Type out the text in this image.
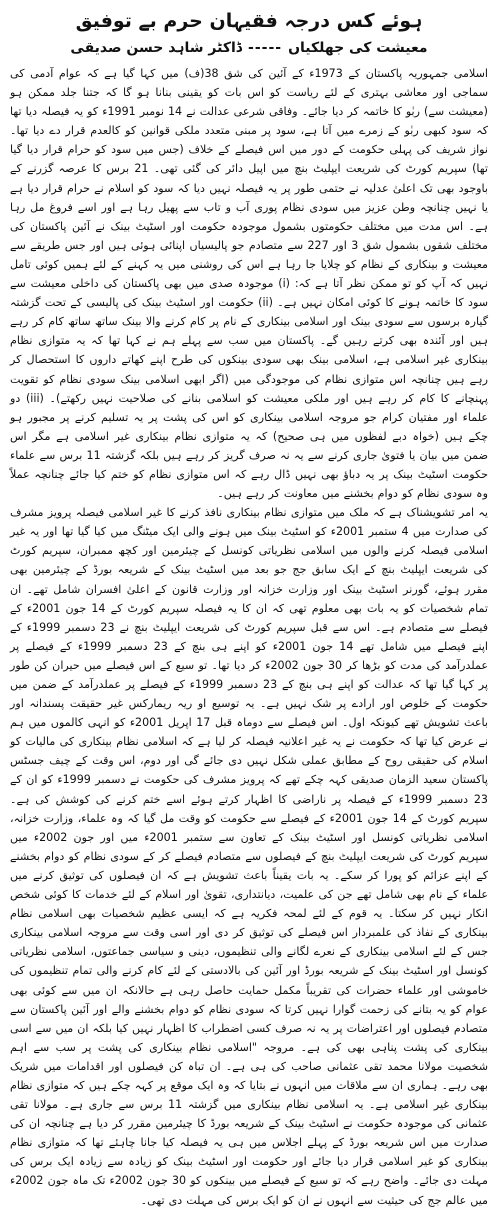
ہوئے کس درجہ فقیہان حرم بے توفیق
معیشت کی جھلکیاں
-----
ڈاکٹر شاہد حسن صدیقی

اسلامی جمہوریہ پاکستان کے 1973ء کے آئین کی شق 38(ف) میں کہا گیا ہے کہ عوام آدمی کی سماجی اور معاشی بہتری کے لئے ریاست کو اس بات کو یقینی بنانا ہو گا کہ جتنا جلد ممکن ہو (معیشت سے) ربٰو کا خاتمہ کر دیا جائے۔ وفاقی شرعی عدالت نے 14 نومبر 1991ء کو یہ فیصلہ دیا تھا کہ سود کبھی ربٰو کے زمرے میں آتا ہے، سود پر مبنی متعدد ملکی قوانین کو کالعدم قرار دے دیا تھا۔ نواز شریف کی پہلی حکومت کے دور میں اس فیصلے کے خلاف (جس میں سود کو حرام قرار دیا گیا تھا) سپریم کورٹ کی شریعت ایپلیٹ بنچ میں اپیل دائر کی گئی تھی۔ 21 برس کا عرصہ گزرنے کے باوجود بھی تک اعلیٰ عدلیہ نے حتمی طور پر یہ فیصلہ نہیں دیا کہ سود کو اسلام نے حرام قرار دیا ہے یا نہیں چنانچہ وطن عزیز میں سودی نظام پوری آب و تاب سے پھیل رہا ہے اور اسے فروغ مل رہا ہے۔ اس مدت میں مختلف حکومتوں بشمول موجودہ حکومت اور اسٹیٹ بینک نے آئین پاکستان کی مختلف شقوں بشمول شق 3 اور 227 سے متصادم جو پالیسیاں اپنائی ہوئی ہیں اور جس طریقے سے معیشت و بینکاری کے نظام کو چلایا جا رہا ہے اس کی روشنی میں یہ کہنے کے لئے ہمیں کوئی تامل نہیں کہ آپ کو تو ممکن نظر آتا ہے کہ: (i) موجودہ صدی میں بھی پاکستان کی داخلی معیشت سے سود کا خاتمہ ہونے کا کوئی امکان نہیں ہے۔ (ii) حکومت اور اسٹیٹ بینک کی پالیسی کے تحت گزشتہ گیارہ برسوں سے سودی بینک اور اسلامی بینکاری کے نام پر کام کرنے والا بینک ساتھ ساتھ کام کر رہے ہیں اور آئندہ بھی کرتے رہیں گے۔ پاکستان میں سب سے پہلے ہم نے کہا تھا کہ یہ متوازی نظام بینکاری غیر اسلامی ہے، اسلامی بینک بھی سودی بینکوں کی طرح اپنے کھاتے داروں کا استحصال کر رہے ہیں چنانچہ اس متوازی نظام کی موجودگی میں (اگر ابھی اسلامی بینک سودی نظام کو تقویت پہنچانے کا کام کر رہے ہیں اور ملکی معیشت کو اسلامی بنانے کی صلاحیت نہیں رکھتے)۔ (iii) دو علماء اور مفتیان کرام جو مروجہ اسلامی بینکاری کو اس کی پشت پر یہ تسلیم کرنے پر مجبور ہو چکے ہیں (خواہ دبے لفظوں میں ہی صحیح) کہ یہ متوازی نظام بینکاری غیر اسلامی ہے مگر اس ضمن میں بیان یا فتویٰ جاری کرنے سے یہ نہ صرف گریز کر رہے ہیں بلکہ گزشتہ 11 برس سے علماء حکومت اسٹیٹ بینک پر یہ دباؤ بھی نہیں ڈال رہے کہ اس متوازی نظام کو ختم کیا جائے چنانچہ عملاً وہ سودی نظام کو دوام بخشنے میں معاونت کر رہے ہیں۔

یہ امر تشویشناک ہے کہ ملک میں متوازی نظام بینکاری نافذ کرنے کا غیر اسلامی فیصلہ پرویز مشرف کی صدارت میں 4 ستمبر 2001ء کو اسٹیٹ بینک میں ہونے والی ایک میٹنگ میں کیا گیا تھا اور یہ غیر اسلامی فیصلہ کرنے والوں میں اسلامی نظریاتی کونسل کے چیئرمین اور کچھ ممبران، سپریم کورٹ کی شریعت ایپلیٹ بنچ کے ایک سابق جج جو بعد میں اسٹیٹ بینک کے شریعہ بورڈ کے چیئرمین بھی مقرر ہوئے، گورنر اسٹیٹ بینک اور وزارت خزانہ اور وزارت قانون کے اعلیٰ افسران شامل تھے۔ ان تمام شخصیات کو یہ بات بھی معلوم تھی کہ ان کا یہ فیصلہ سپریم کورٹ کے 14 جون 2001ء کے فیصلے سے متصادم ہے۔ اس سے قبل سپریم کورٹ کی شریعت ایپلیٹ بنچ نے 23 دسمبر 1999ء کے اپنے فیصلے میں شامل تھے 14 جون 2001ء کو اپنے ہی بنچ کے 23 دسمبر 1999ء کے فیصلے پر عملدرآمد کی مدت کو بڑھا کر 30 جون 2002ء کر دیا تھا۔ تو سیع کے اس فیصلے میں حیران کن طور پر کہا گیا تھا کہ عدالت کو اپنے ہی بنچ کے 23 دسمبر 1999ء کے فیصلے پر عملدرآمد کے ضمن میں حکومت کے خلوص اور ارادے پر شک نہیں ہے۔ یہ توسیع او ریہ ریمارکس غیر حقیقت پسندانہ اور باعث تشویش تھے کیونکہ اول۔ اس فیصلے سے دوماہ قبل 17 اپریل 2001ء کو انہی کالموں میں ہم نے عرض کیا تھا کہ حکومت نے یہ غیر اعلانیہ فیصلہ کر لیا ہے کہ اسلامی نظام بینکاری کی مالیات کو اسلام کی حقیقی روح کے مطابق عملی شکل نہیں دی جائے گی اور دوم، اس وقت کے چیف جسٹس پاکستان سعید الزمان صدیقی کہہ چکے تھے کہ پرویز مشرف کی حکومت نے دسمبر 1999ء کو ان کے 23 دسمبر 1999ء کے فیصلہ پر ناراضی کا اظہار کرتے ہوئے اسے ختم کرنے کی کوشش کی ہے۔ سپریم کورٹ کے 14 جون 2001ء کے فیصلے سے حکومت کو وقت مل گیا کہ وہ علماء، وزارت خزانہ، اسلامی نظریاتی کونسل اور اسٹیٹ بینک کے تعاون سے ستمبر 2001ء میں اور جون 2002ء میں سپریم کورٹ کی شریعت ایپلیٹ بنچ کے فیصلوں سے متصادم فیصلے کر کے سودی نظام کو دوام بخشنے کے اپنے عزائم کو پورا کر سکے۔ یہ بات یقیناً باعث تشویش ہے کہ ان فیصلوں کی توثیق کرنے میں علماء کے نام بھی شامل تھے جن کی علمیت، دیانتداری، تقویٰ اور اسلام کے لئے خدمات کا کوئی شخص انکار نہیں کر سکتا۔ یہ قوم کے لئے لمحہ فکریہ ہے کہ ایسی عظیم شخصیات بھی اسلامی نظام بینکاری کے نفاذ کی علمبردار اس فیصلے کی توثیق کر دی اور اسی وقت سے مروجہ اسلامی بینکاری جس کے لئے اسلامی بینکاری کے نعرے لگانے والی تنظیموں، دینی و سیاسی جماعتوں، اسلامی نظریاتی کونسل اور اسٹیٹ بینک کے شریعہ بورڈ اور آئین کی بالادستی کے لئے کام کرنے والی تمام تنظیموں کی خاموشی اور علماء حضرات کی تقریباً مکمل حمایت حاصل رہی ہے حالانکہ ان میں سے کوئی بھی عوام کو یہ بتانے کی زحمت گوارا نہیں کرتا کہ سودی نظام کو دوام بخشنے والے اور آئین پاکستان سے متصادم فیصلوں اور اعتراضات پر یہ نہ صرف کسی اضطراب کا اظہار نہیں کیا بلکہ ان میں سے اسی بینکاری کی پشت پناہی بھی کی ہے۔ مروجہ "اسلامی نظام بینکاری کی پشت پر سب سے اہم شخصیت مولانا محمد تقی عثمانی صاحب کی ہی ہے۔ ان تباہ کن فیصلوں اور اقدامات میں شریک بھی رہے۔ ہماری ان سے ملاقات میں انہوں نے بتایا کہ وہ ایک موقع پر کہہ چکے ہیں کہ متوازی نظام بینکاری غیر اسلامی ہے۔ یہ اسلامی نظام بینکاری میں گزشتہ 11 برس سے جاری ہے۔ مولانا تقی عثمانی کی موجودہ حکومت نے اسٹیٹ بینک کے شریعہ بورڈ کا چیئرمین مقرر کر دیا ہے چنانچہ ان کی صدارت میں اس شریعہ بورڈ کے پہلے اجلاس میں ہی یہ فیصلہ کیا جانا چاہئے تھا کہ متوازی نظام بینکاری کو غیر اسلامی قرار دیا جائے اور حکومت اور اسٹیٹ بینک کو زیادہ سے زیادہ ایک برس کی مہلت دی جائے۔ واضح رہے کہ تو سیع کے فیصلے میں بینکوں کو 30 جون 2002ء تک ماہ جون 2002ء میں عالم جج کی حیثیت سے انہوں نے ان کو ایک برس کی مہلت دی تھی۔
